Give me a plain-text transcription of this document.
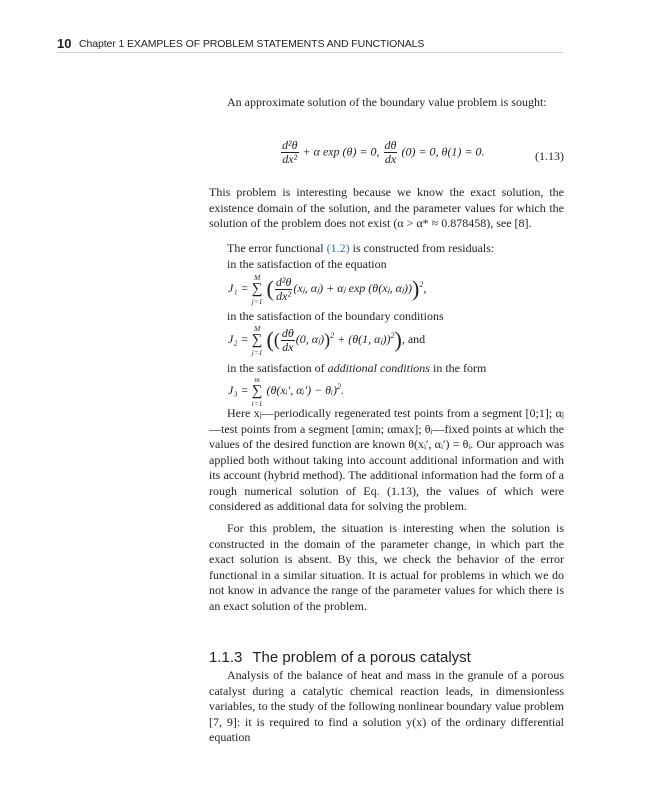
10 Chapter 1 EXAMPLES OF PROBLEM STATEMENTS AND FUNCTIONALS

An approximate solution of the boundary value problem is sought:

$\frac{\text{d²θ}}{\text{dx²}} + \alpha$ exp (θ) = 0, $\frac{d\theta}{dx} (0) = 0$, θ(1) = 0.	(1.13)

This problem is interesting because we know the exact solution, the existence domain of the solution, and the parameter values for which the solution of the problem does not exist (α > α* ≈ 0.878458), see [8].

The error functional (1.2) is constructed from residuals:

in the satisfaction of the equation

J₁ = M
∑
j=1 ( $\frac{\text{d²θ}}{\text{dx²}}$ (xⱼ, αⱼ) + αⱼ exp (θ(xⱼ, αⱼ)))$^2$,

in the satisfaction of the boundary conditions

J₂ = M
∑
j=1 (( $\frac{d\theta}{dx} (0$, αⱼ))$^2$ + (θ(1, αⱼ))$^2$), and

in the satisfaction of additional conditions in the form

J₃ = m
∑
i=1 (θ(xᵢ′, αᵢ′) − θᵢ)$^2$.

Here xⱼ—periodically regenerated test points from a segment [0;1]; αⱼ—test points from a segment [αmin; αmax]; θᵢ—fixed points at which the values of the desired function are known θ(xᵢ′, αᵢ′) = θᵢ. Our approach was applied both without taking into account additional information and with its account (hybrid method). The additional information had the form of a rough numerical solution of Eq. (1.13), the values of which were considered as additional data for solving the problem.

For this problem, the situation is interesting when the solution is constructed in the domain of the parameter change, in which part the exact solution is absent. By this, we check the behavior of the error functional in a similar situation. It is actual for problems in which we do not know in advance the range of the parameter values for which there is an exact solution of the problem.

1.1.3 The problem of a porous catalyst

Analysis of the balance of heat and mass in the granule of a porous catalyst during a catalytic chemical reaction leads, in dimensionless variables, to the study of the following nonlinear boundary value problem [7, 9]: it is required to find a solution y(x) of the ordinary differential equation
